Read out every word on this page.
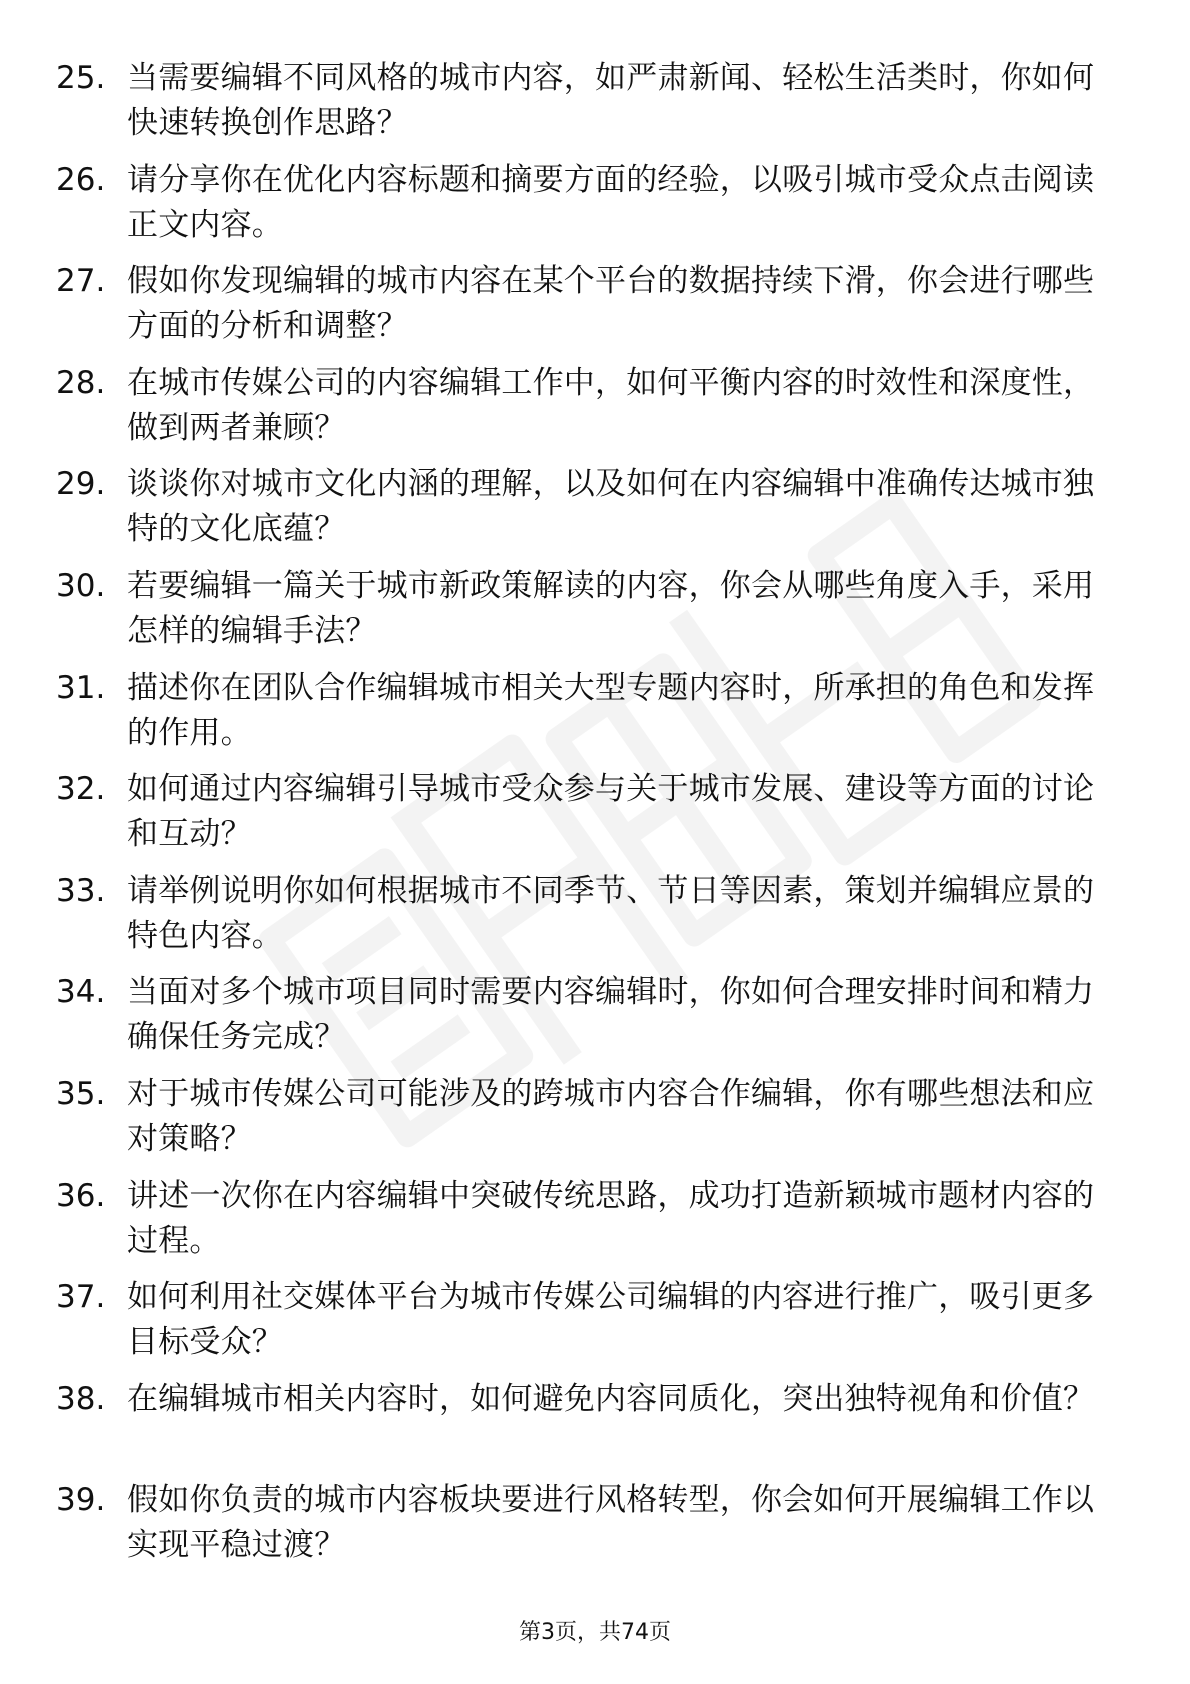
25. 当需要编辑不同风格的城市内容，如严肃新闻、轻松生活类时，你如何快速转换创作思路？
26. 请分享你在优化内容标题和摘要方面的经验，以吸引城市受众点击阅读正文内容。
27. 假如你发现编辑的城市内容在某个平台的数据持续下滑，你会进行哪些方面的分析和调整？
28. 在城市传媒公司的内容编辑工作中，如何平衡内容的时效性和深度性，做到两者兼顾？
29. 谈谈你对城市文化内涵的理解，以及如何在内容编辑中准确传达城市独特的文化底蕴？
30. 若要编辑一篇关于城市新政策解读的内容，你会从哪些角度入手，采用怎样的编辑手法？
31. 描述你在团队合作编辑城市相关大型专题内容时，所承担的角色和发挥的作用。
32. 如何通过内容编辑引导城市受众参与关于城市发展、建设等方面的讨论和互动？
33. 请举例说明你如何根据城市不同季节、节日等因素，策划并编辑应景的特色内容。
34. 当面对多个城市项目同时需要内容编辑时，你如何合理安排时间和精力确保任务完成？
35. 对于城市传媒公司可能涉及的跨城市内容合作编辑，你有哪些想法和应对策略？
36. 讲述一次你在内容编辑中突破传统思路，成功打造新颖城市题材内容的过程。
37. 如何利用社交媒体平台为城市传媒公司编辑的内容进行推广，吸引更多目标受众？
38. 在编辑城市相关内容时，如何避免内容同质化，突出独特视角和价值？
39. 假如你负责的城市内容板块要进行风格转型，你会如何开展编辑工作以实现平稳过渡？
第3页，共74页
